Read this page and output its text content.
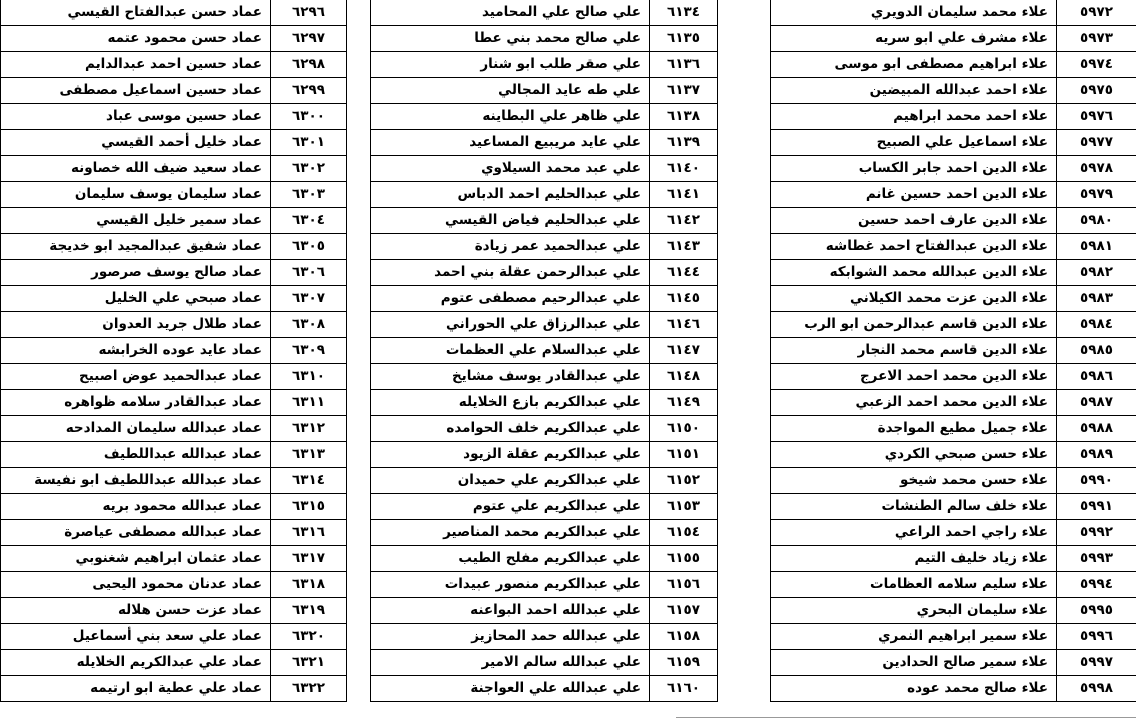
٥٩٧٢	علاء محمد سليمان الدويري
٥٩٧٣	علاء مشرف علي ابو سريه
٥٩٧٤	علاء ابراهيم مصطفى ابو موسى
٥٩٧٥	علاء احمد عبدالله المبيضين
٥٩٧٦	علاء احمد محمد ابراهيم
٥٩٧٧	علاء اسماعيل علي الصبيح
٥٩٧٨	علاء الدين احمد جابر الكساب
٥٩٧٩	علاء الدين احمد حسين غانم
٥٩٨٠	علاء الدين عارف احمد حسين
٥٩٨١	علاء الدين عبدالفتاح احمد غطاشه
٥٩٨٢	علاء الدين عبدالله محمد الشوابكه
٥٩٨٣	علاء الدين عزت محمد الكيلاني
٥٩٨٤	علاء الدين قاسم عبدالرحمن ابو الرب
٥٩٨٥	علاء الدين قاسم محمد النجار
٥٩٨٦	علاء الدين محمد احمد الاعرج
٥٩٨٧	علاء الدين محمد احمد الزعبي
٥٩٨٨	علاء جميل مطيع المواجدة
٥٩٨٩	علاء حسن صبحي الكردي
٥٩٩٠	علاء حسن محمد شيخو
٥٩٩١	علاء خلف سالم الطنشات
٥٩٩٢	علاء راجي احمد الراعي
٥٩٩٣	علاء زياد خليف التيم
٥٩٩٤	علاء سليم سلامه العظامات
٥٩٩٥	علاء سليمان البحري
٥٩٩٦	علاء سمير ابراهيم النمري
٥٩٩٧	علاء سمير صالح الحدادين
٥٩٩٨	علاء صالح محمد عوده
٦١٣٤	علي صالح علي المحاميد
٦١٣٥	علي صالح محمد بني عطا
٦١٣٦	علي صقر طلب ابو شنار
٦١٣٧	علي طه عايد المجالي
٦١٣٨	علي ظاهر علي البطاينه
٦١٣٩	علي عايد مريبيع المساعيد
٦١٤٠	علي عبد محمد السيلاوي
٦١٤١	علي عبدالحليم احمد الدباس
٦١٤٢	علي عبدالحليم فياض القيسي
٦١٤٣	علي عبدالحميد عمر زيادة
٦١٤٤	علي عبدالرحمن عقلة بني احمد
٦١٤٥	علي عبدالرحيم مصطفى عتوم
٦١٤٦	علي عبدالرزاق علي الحوراني
٦١٤٧	علي عبدالسلام علي العظمات
٦١٤٨	علي عبدالقادر يوسف مشايخ
٦١٤٩	علي عبدالكريم بازع الخلايله
٦١٥٠	علي عبدالكريم خلف الحوامده
٦١٥١	علي عبدالكريم عقلة الزيود
٦١٥٢	علي عبدالكريم علي حميدان
٦١٥٣	علي عبدالكريم علي عتوم
٦١٥٤	علي عبدالكريم محمد المناصير
٦١٥٥	علي عبدالكريم مفلح الطيب
٦١٥٦	علي عبدالكريم منصور عبيدات
٦١٥٧	علي عبدالله احمد البواعنه
٦١٥٨	علي عبدالله حمد المحازيز
٦١٥٩	علي عبدالله سالم الامير
٦١٦٠	علي عبدالله علي العواجنة
٦٢٩٦	عماد حسن عبدالفتاح القيسي
٦٢٩٧	عماد حسن محمود عتمه
٦٢٩٨	عماد حسين احمد عبدالدايم
٦٢٩٩	عماد حسين اسماعيل مصطفى
٦٣٠٠	عماد حسين موسى عباد
٦٣٠١	عماد خليل أحمد القيسي
٦٣٠٢	عماد سعيد ضيف الله خصاونه
٦٣٠٣	عماد سليمان يوسف سليمان
٦٣٠٤	عماد سمير خليل القيسي
٦٣٠٥	عماد شفيق عبدالمجيد ابو خديجة
٦٣٠٦	عماد صالح يوسف صرصور
٦٣٠٧	عماد صبحي علي الخليل
٦٣٠٨	عماد طلال جريد العدوان
٦٣٠٩	عماد عايد عوده الخرابشه
٦٣١٠	عماد عبدالحميد عوض اصبيح
٦٣١١	عماد عبدالقادر سلامه ظواهره
٦٣١٢	عماد عبدالله سليمان المدادحه
٦٣١٣	عماد عبدالله عبداللطيف
٦٣١٤	عماد عبدالله عبداللطيف ابو نفيسة
٦٣١٥	عماد عبدالله محمود بريه
٦٣١٦	عماد عبدالله مصطفى عياصرة
٦٣١٧	عماد عثمان ابراهيم شغنوبي
٦٣١٨	عماد عدنان محمود اليحيى
٦٣١٩	عماد عزت حسن هلاله
٦٣٢٠	عماد علي سعد بني أسماعيل
٦٣٢١	عماد علي عبدالكريم الخلايله
٦٣٢٢	عماد علي عطية ابو ارتيمه
